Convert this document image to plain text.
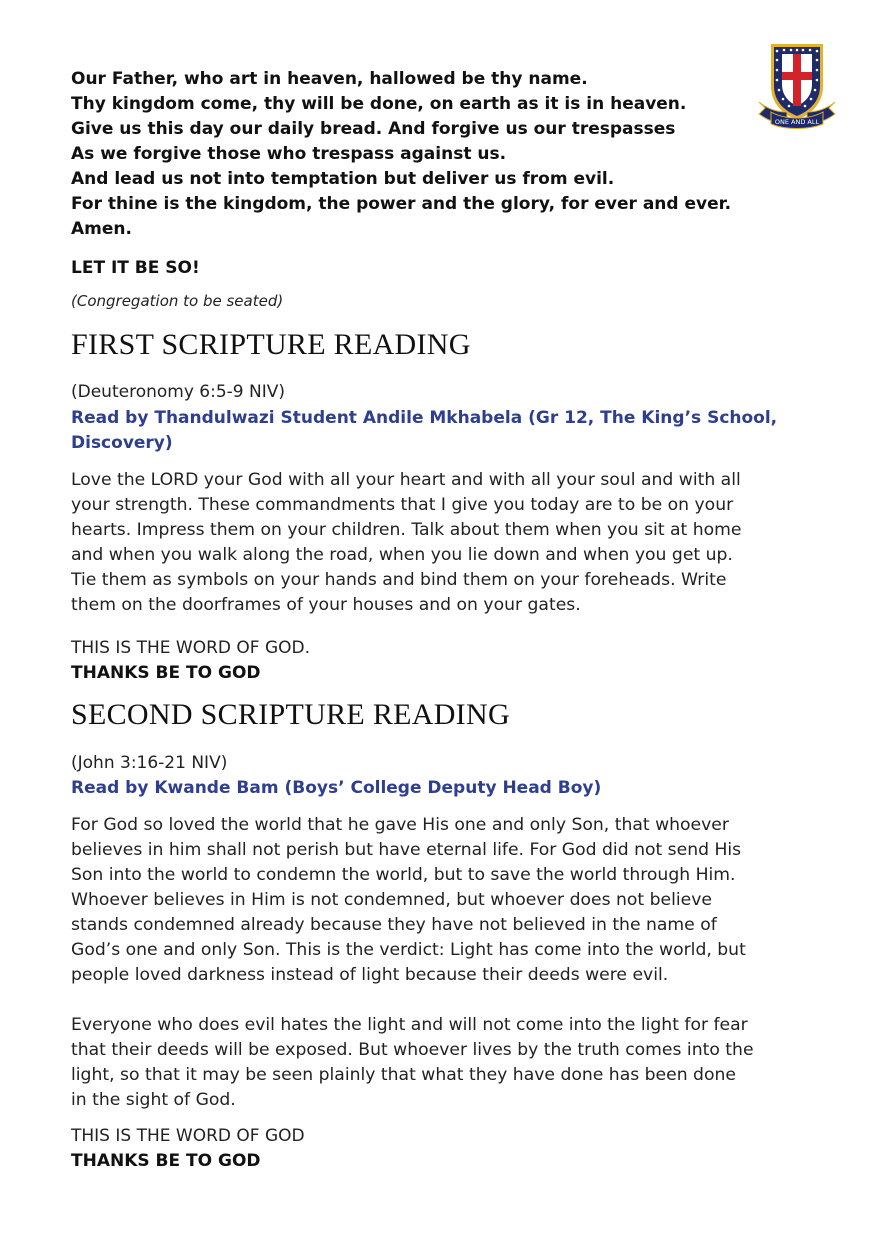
ONE AND ALL
Our Father, who art in heaven, hallowed be thy name.
Thy kingdom come, thy will be done, on earth as it is in heaven.
Give us this day our daily bread. And forgive us our trespasses
As we forgive those who trespass against us.
And lead us not into temptation but deliver us from evil.
For thine is the kingdom, the power and the glory, for ever and ever.
Amen.
LET IT BE SO!
(Congregation to be seated)
FIRST SCRIPTURE READING
(Deuteronomy 6:5-9 NIV)
Read by Thandulwazi Student Andile Mkhabela (Gr 12, The King’s School,
Discovery)
Love the LORD your God with all your heart and with all your soul and with all
your strength. These commandments that I give you today are to be on your
hearts. Impress them on your children. Talk about them when you sit at home
and when you walk along the road, when you lie down and when you get up.
Tie them as symbols on your hands and bind them on your foreheads. Write
them on the doorframes of your houses and on your gates.
THIS IS THE WORD OF GOD.
THANKS BE TO GOD
SECOND SCRIPTURE READING
(John 3:16-21 NIV)
Read by Kwande Bam (Boys’ College Deputy Head Boy)
For God so loved the world that he gave His one and only Son, that whoever
believes in him shall not perish but have eternal life. For God did not send His
Son into the world to condemn the world, but to save the world through Him.
Whoever believes in Him is not condemned, but whoever does not believe
stands condemned already because they have not believed in the name of
God’s one and only Son. This is the verdict: Light has come into the world, but
people loved darkness instead of light because their deeds were evil.
Everyone who does evil hates the light and will not come into the light for fear
that their deeds will be exposed. But whoever lives by the truth comes into the
light, so that it may be seen plainly that what they have done has been done
in the sight of God.
THIS IS THE WORD OF GOD
THANKS BE TO GOD
